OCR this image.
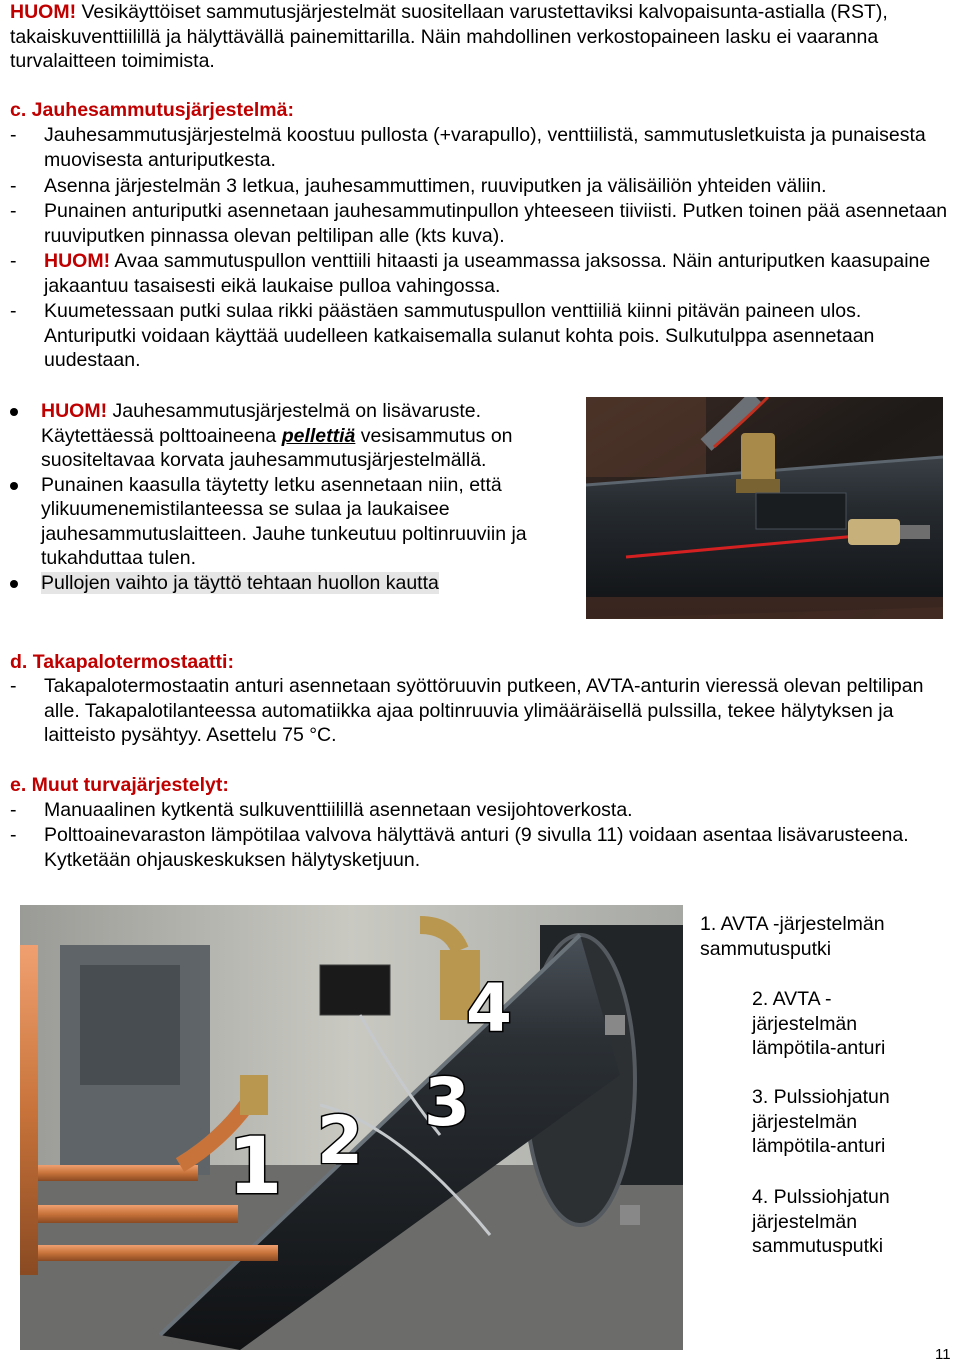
HUOM! Vesikäyttöiset sammutusjärjestelmät suositellaan varustettaviksi kalvopaisunta-astialla (RST), takaiskuventtiilillä ja hälyttävällä painemittarilla. Näin mahdollinen verkostopaineen lasku ei vaaranna turvalaitteen toimimista.

c. Jauhesammutusjärjestelmä:

- Jauhesammutusjärjestelmä koostuu pullosta (+varapullo), venttiilistä, sammutusletkuista ja punaisesta muovisesta anturiputkesta.
- Asenna järjestelmän 3 letkua, jauhesammuttimen, ruuviputken ja välisäiliön yhteiden väliin.
- Punainen anturiputki asennetaan jauhesammutinpullon yhteeseen tiiviisti. Putken toinen pää asennetaan ruuviputken pinnassa olevan peltilipan alle (kts kuva).
- HUOM! Avaa sammutuspullon venttiili hitaasti ja useammassa jaksossa. Näin anturiputken kaasupaine jakaantuu tasaisesti eikä laukaise pulloa vahingossa.
- Kuumetessaan putki sulaa rikki päästäen sammutuspullon venttiiliä kiinni pitävän paineen ulos. Anturiputki voidaan käyttää uudelleen katkaisemalla sulanut kohta pois. Sulkutulppa asennetaan uudestaan.
HUOM! Jauhesammutusjärjestelmä on lisävaruste. Käytettäessä polttoaineena pellettiä vesisammutus on suositeltavaa korvata jauhesammutusjärjestelmällä.
Punainen kaasulla täytetty letku asennetaan niin, että ylikuumenemistilanteessa se sulaa ja laukaisee jauhesammutuslaitteen. Jauhe tunkeutuu poltinruuviin ja tukahduttaa tulen.
Pullojen vaihto ja täyttö tehtaan huollon kautta

d. Takapalotermostaatti:

- Takapalotermostaatin anturi asennetaan syöttöruuvin putkeen, AVTA-anturin vieressä olevan peltilipan alle. Takapalotilanteessa automatiikka ajaa poltinruuvia ylimääräisellä pulssilla, tekee hälytyksen ja laitteisto pysähtyy. Asettelu 75 °C.

e. Muut turvajärjestelyt:

- Manuaalinen kytkentä sulkuventtiilillä asennetaan vesijohtoverkosta.
- Polttoainevaraston lämpötilaa valvova hälyttävä anturi (9 sivulla 11) voidaan asentaa lisävarusteena. Kytketään ohjauskeskuksen hälytysketjuun.
1 2 3
4

1. AVTA -järjestelmän sammutusputki

2. AVTA - järjestelmän lämpötila-anturi

3. Pulssiohjatun järjestelmän lämpötila-anturi

4. Pulssiohjatun järjestelmän sammutusputki

11
